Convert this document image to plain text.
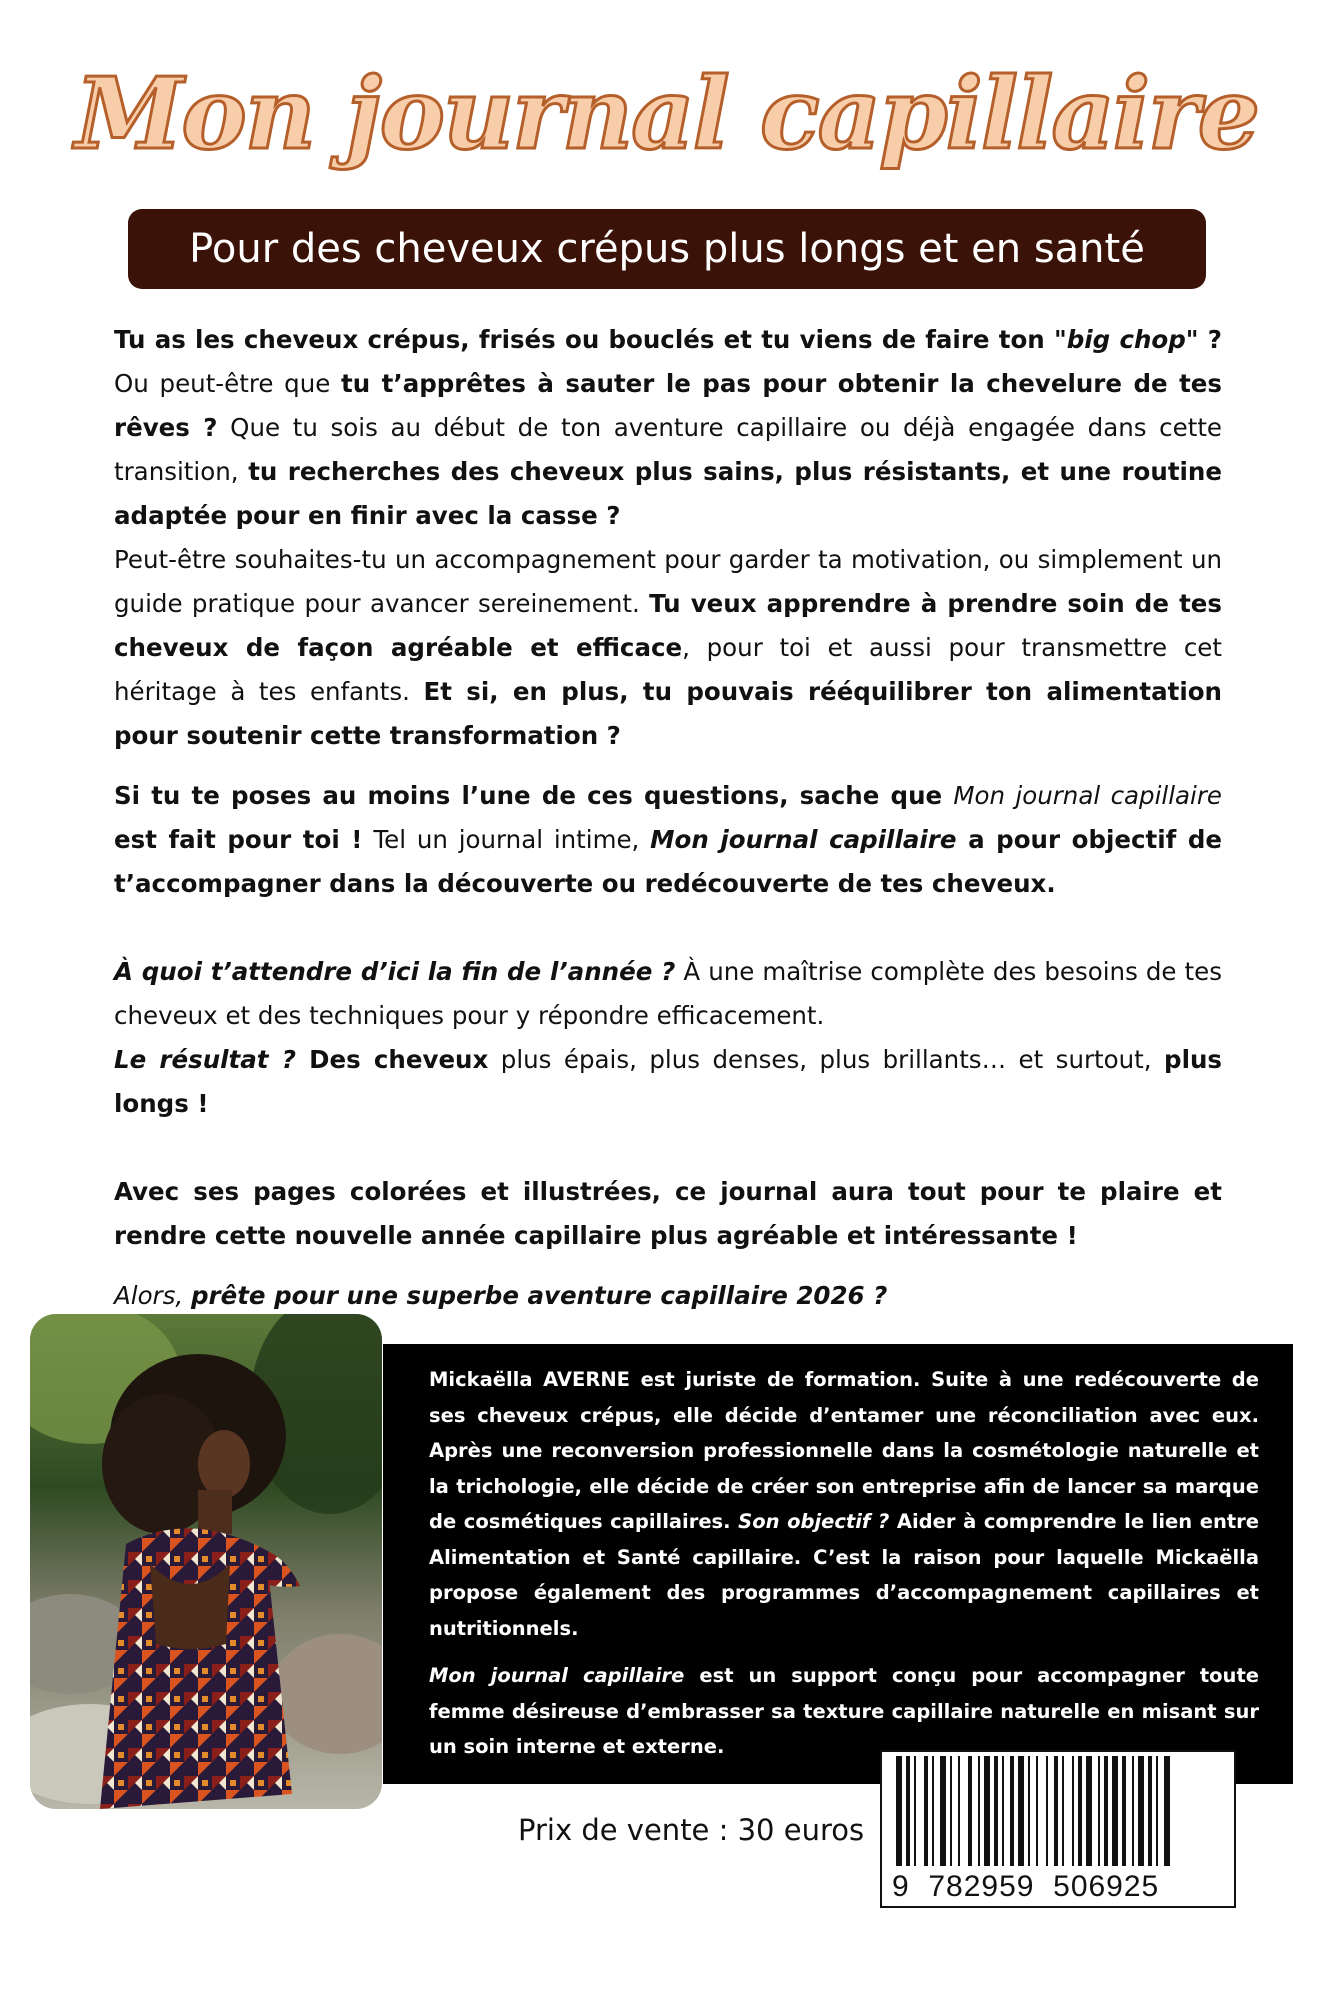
Mon journal capillaire
Pour des cheveux crépus plus longs et en santé

Tu as les cheveux crépus, frisés ou bouclés et tu viens de faire ton "big chop" ? Ou peut-être que tu t’apprêtes à sauter le pas pour obtenir la chevelure de tes rêves ? Que tu sois au début de ton aventure capillaire ou déjà engagée dans cette transition, tu recherches des cheveux plus sains, plus résistants, et une routine adaptée pour en finir avec la casse ?

Peut-être souhaites-tu un accompagnement pour garder ta motivation, ou simplement un guide pratique pour avancer sereinement. Tu veux apprendre à prendre soin de tes cheveux de façon agréable et efficace, pour toi et aussi pour transmettre cet héritage à tes enfants. Et si, en plus, tu pouvais rééquilibrer ton alimentation pour soutenir cette transformation ?

Si tu te poses au moins l’une de ces questions, sache que Mon journal capillaire est fait pour toi ! Tel un journal intime, Mon journal capillaire a pour objectif de t’accompagner dans la découverte ou redécouverte de tes cheveux.

À quoi t’attendre d’ici la fin de l’année ? À une maîtrise complète des besoins de tes cheveux et des techniques pour y répondre efficacement.

Le résultat ? Des cheveux plus épais, plus denses, plus brillants… et surtout, plus longs !

Avec ses pages colorées et illustrées, ce journal aura tout pour te plaire et rendre cette nouvelle année capillaire plus agréable et intéressante !

Alors, prête pour une superbe aventure capillaire 2026 ?

Mickaëlla AVERNE est juriste de formation. Suite à une redécouverte de ses cheveux crépus, elle décide d’entamer une réconciliation avec eux. Après une reconversion professionnelle dans la cosmétologie naturelle et la trichologie, elle décide de créer son entreprise afin de lancer sa marque de cosmétiques capillaires. Son objectif ? Aider à comprendre le lien entre Alimentation et Santé capillaire. C’est la raison pour laquelle Mickaëlla propose également des programmes d’accompagnement capillaires et nutritionnels.

Mon journal capillaire est un support conçu pour accompagner toute femme désireuse d’embrasser sa texture capillaire naturelle en misant sur un soin interne et externe.

Prix de vente : 30 euros
9  782959  506925
